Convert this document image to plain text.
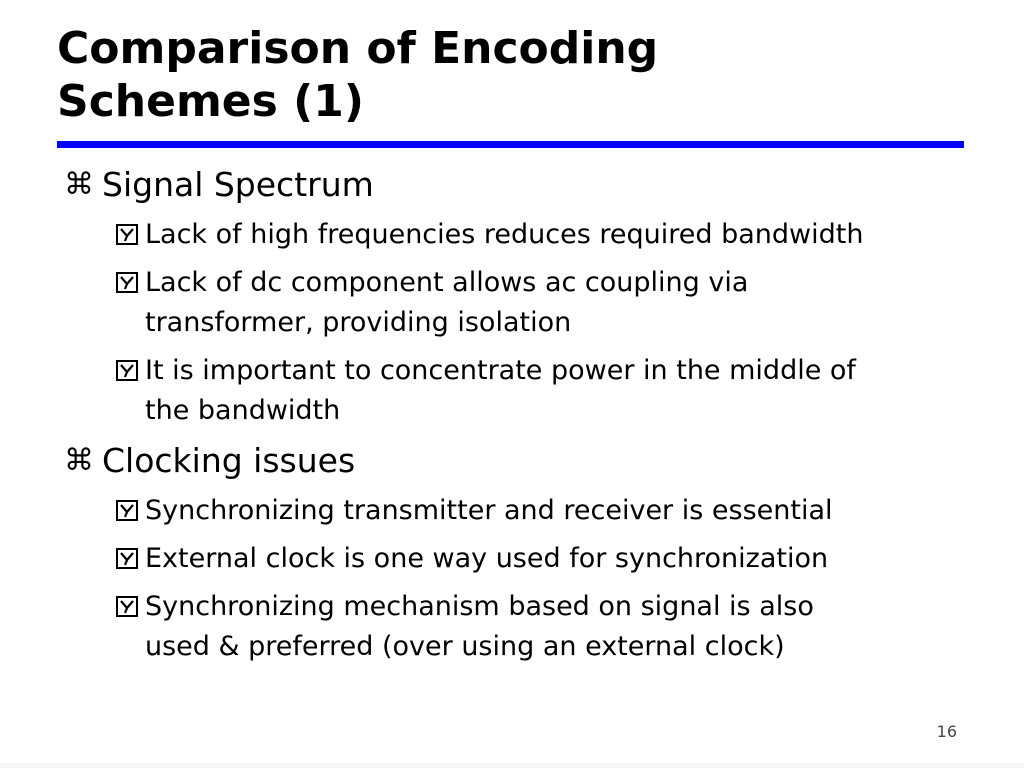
Comparison of Encoding
Schemes (1)
⌘ Signal Spectrum
Lack of high frequencies reduces required bandwidth
Lack of dc component allows ac coupling via
transformer, providing isolation
It is important to concentrate power in the middle of
the bandwidth
⌘ Clocking issues
Synchronizing transmitter and receiver is essential
External clock is one way used for synchronization
Synchronizing mechanism based on signal is also
used & preferred (over using an external clock)
16
